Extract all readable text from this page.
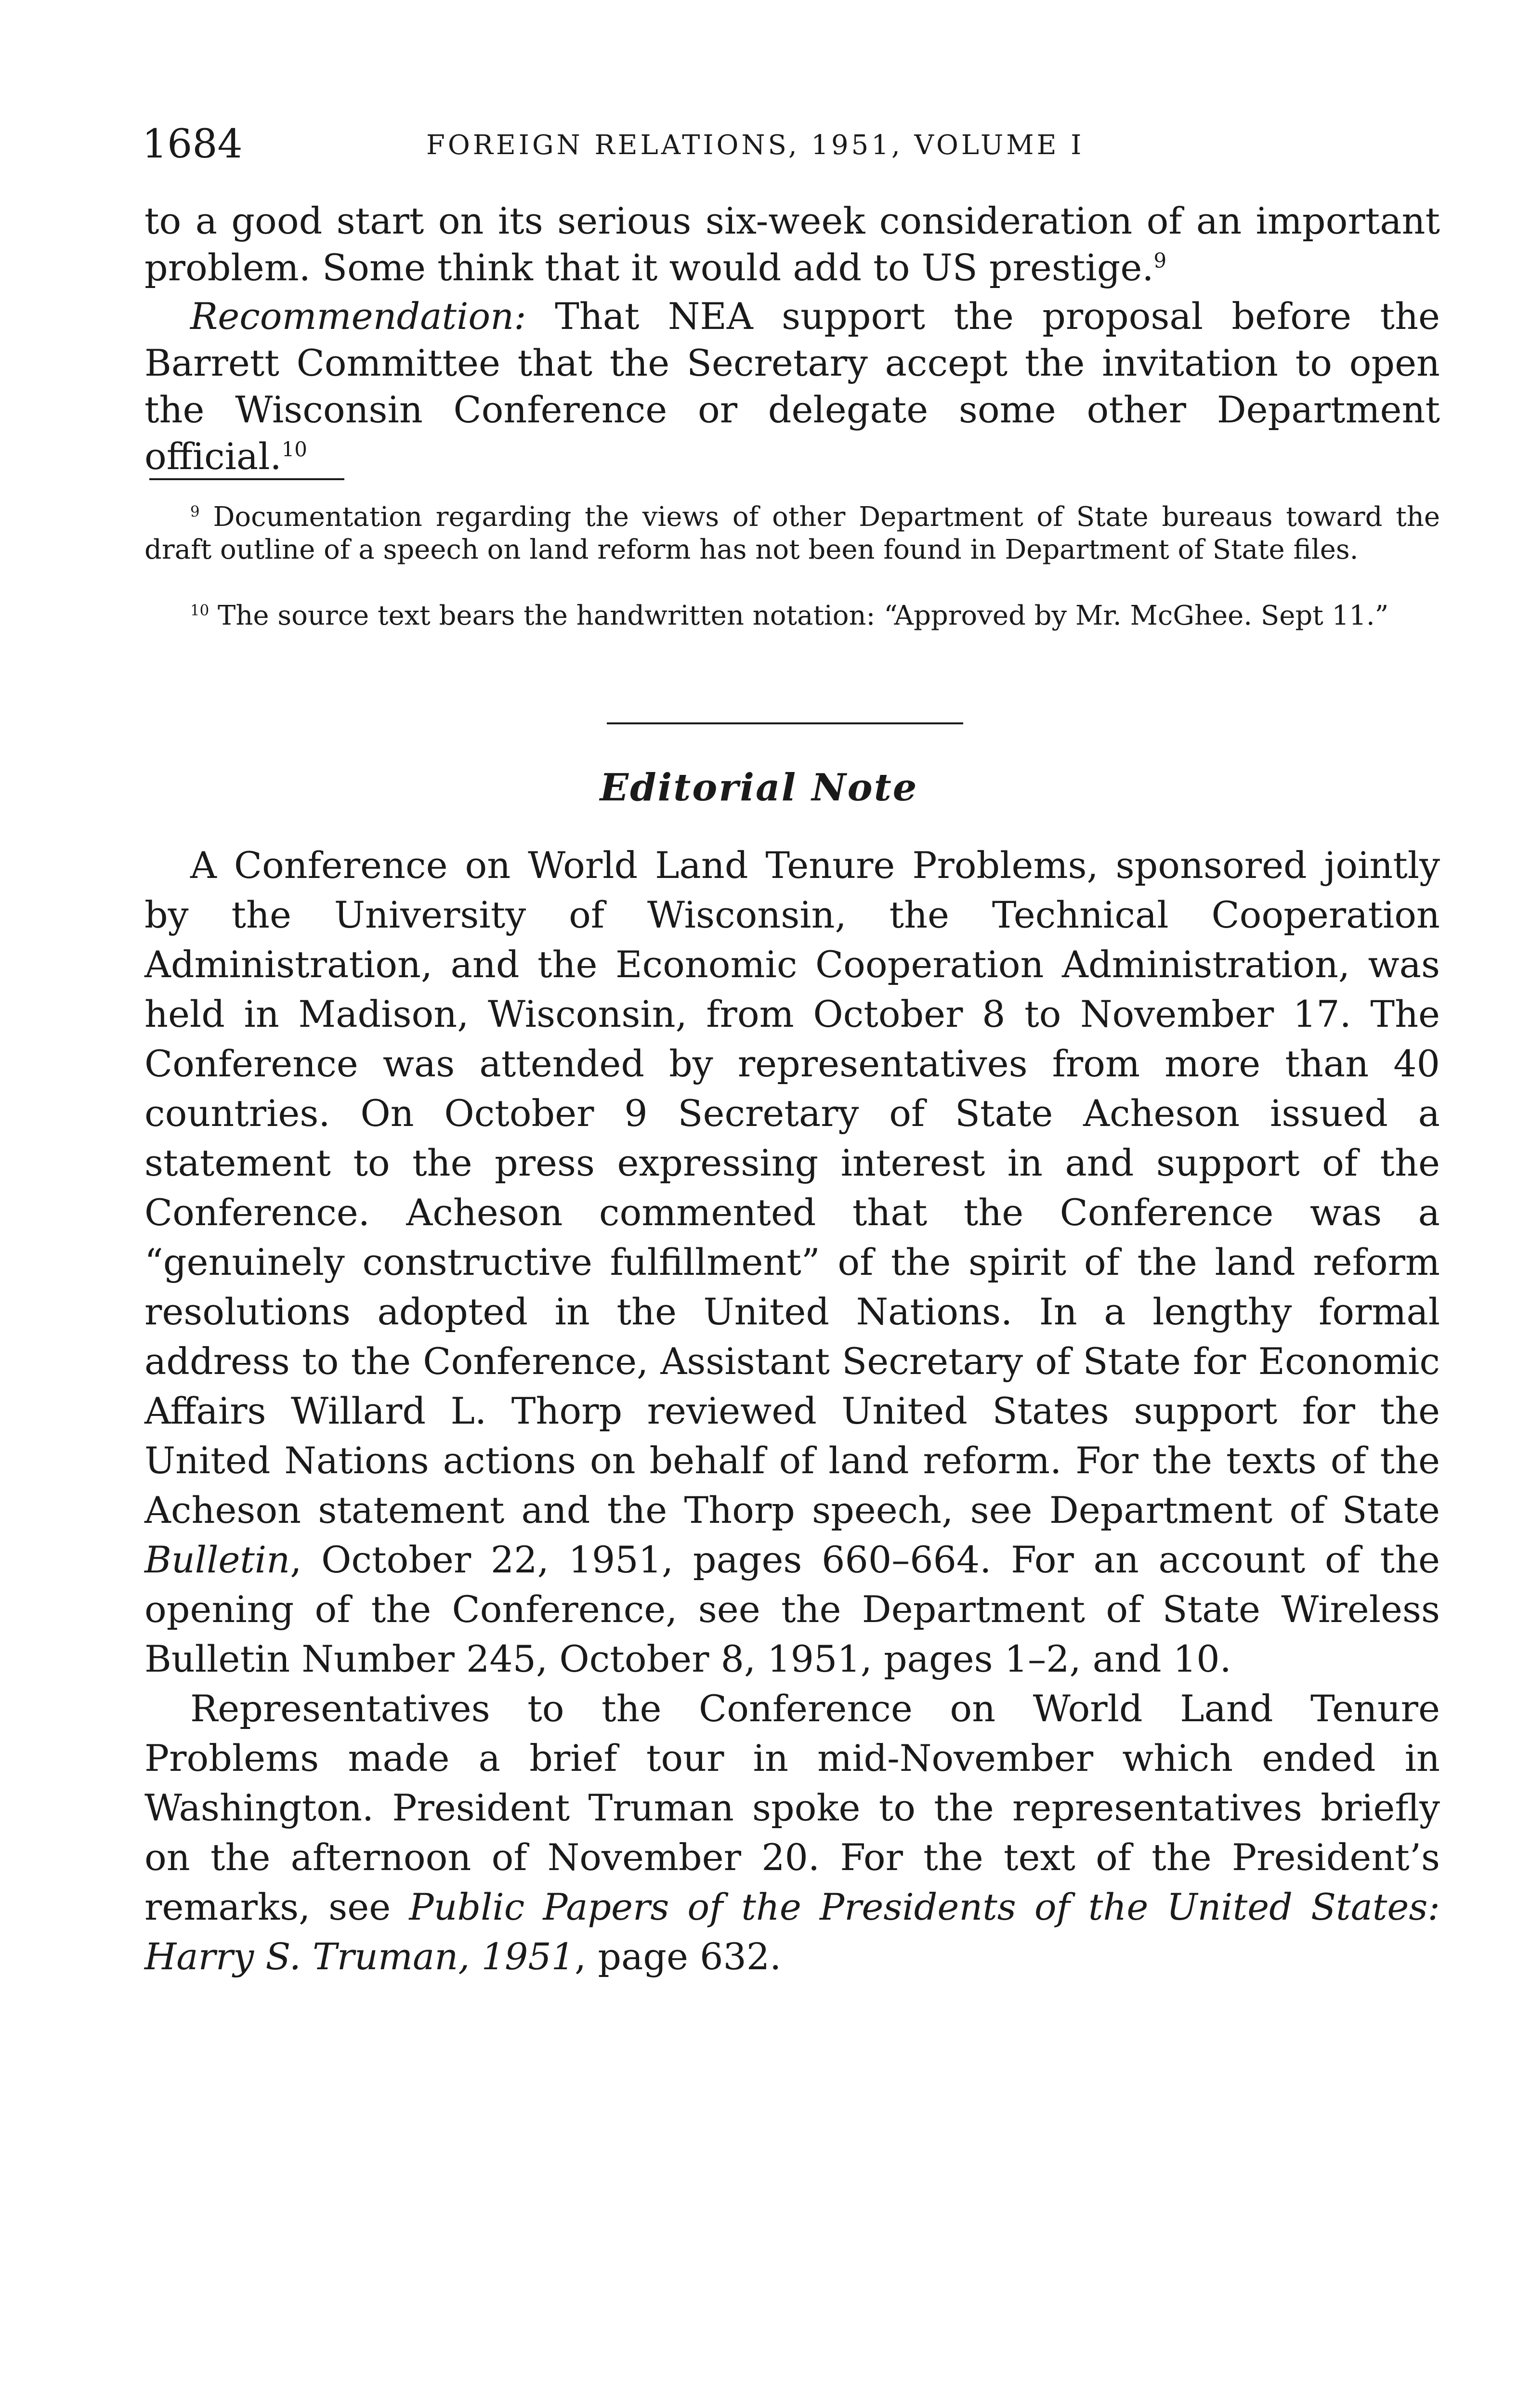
1684	FOREIGN RELATIONS, 1951, VOLUME I

to a good start on its serious six-week consideration of an important problem. Some think that it would add to US prestige.$^9$

Recommendation: That NEA support the proposal before the Barrett Committee that the Secretary accept the invitation to open the Wisconsin Conference or delegate some other Department official.$^{10}$

$^9$ Documentation regarding the views of other Department of State bureaus toward the draft outline of a speech on land reform has not been found in Department of State files.

$^{10}$ The source text bears the handwritten notation: “Approved by Mr. McGhee. Sept 11.”

Editorial Note

A Conference on World Land Tenure Problems, sponsored jointly by the University of Wisconsin, the Technical Cooperation Administration, and the Economic Cooperation Administration, was held in Madison, Wisconsin, from October 8 to November 17. The Conference was attended by representatives from more than 40 countries. On October 9 Secretary of State Acheson issued a statement to the press expressing interest in and support of the Conference. Acheson commented that the Conference was a “genuinely constructive fulfillment” of the spirit of the land reform resolutions adopted in the United Nations. In a lengthy formal address to the Conference, Assistant Secretary of State for Economic Affairs Willard L. Thorp reviewed United States support for the United Nations actions on behalf of land reform. For the texts of the Acheson statement and the Thorp speech, see Department of State Bulletin, October 22, 1951, pages 660–664. For an account of the opening of the Conference, see the Department of State Wireless Bulletin Number 245, October 8, 1951, pages 1–2, and 10.

Representatives to the Conference on World Land Tenure Problems made a brief tour in mid-November which ended in Washington. President Truman spoke to the representatives briefly on the afternoon of November 20. For the text of the President’s remarks, see Public Papers of the Presidents of the United States: Harry S. Truman, 1951, page 632.
